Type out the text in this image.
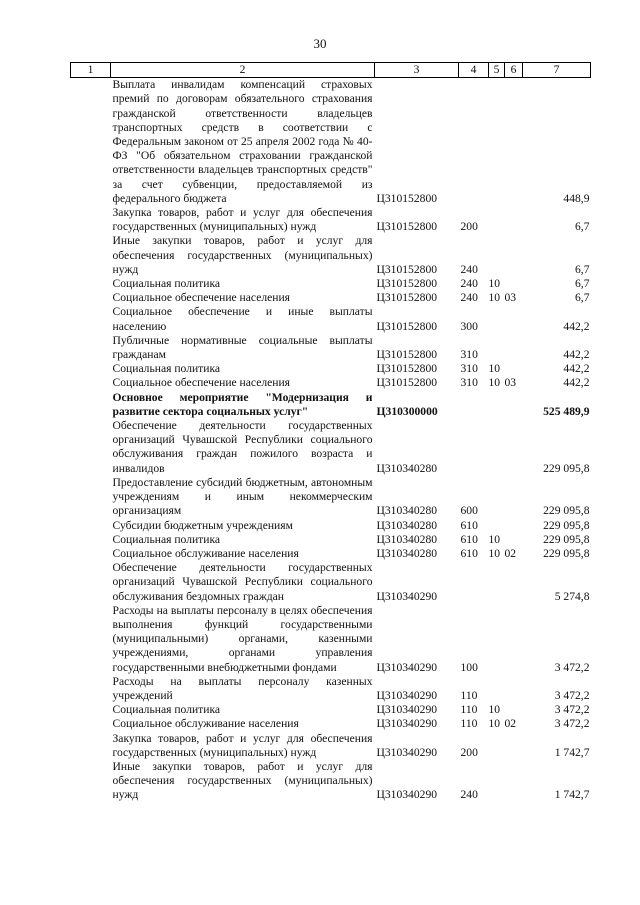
30
1	2	3	4	5	6	7
	Выплата инвалидам компенсаций страховых премий по договорам обязательного страхования гражданской ответственности владельцев транспортных средств в соответствии с Федеральным законом от 25 апреля 2002 года № 40-ФЗ "Об обязательном страховании гражданской ответственности владельцев транспортных средств" за счет субвенции, предоставляемой из федерального бюджета	Ц310152800				448,9
	Закупка товаров, работ и услуг для обеспечения государственных (муниципальных) нужд	Ц310152800	200			6,7
	Иные закупки товаров, работ и услуг для обеспечения государственных (муниципальных) нужд	Ц310152800	240			6,7
	Социальная политика	Ц310152800	240	10		6,7
	Социальное обеспечение населения	Ц310152800	240	10	03	6,7
	Социальное обеспечение и иные выплаты населению	Ц310152800	300			442,2
	Публичные нормативные социальные выплаты гражданам	Ц310152800	310			442,2
	Социальная политика	Ц310152800	310	10		442,2
	Социальное обеспечение населения	Ц310152800	310	10	03	442,2
	Основное мероприятие "Модернизация и развитие сектора социальных услуг"	Ц310300000				525 489,9
	Обеспечение деятельности государственных организаций Чувашской Республики социального обслуживания граждан пожилого возраста и инвалидов	Ц310340280				229 095,8
	Предоставление субсидий бюджетным, автономным учреждениям и иным некоммерческим организациям	Ц310340280	600			229 095,8
	Субсидии бюджетным учреждениям	Ц310340280	610			229 095,8
	Социальная политика	Ц310340280	610	10		229 095,8
	Социальное обслуживание населения	Ц310340280	610	10	02	229 095,8
	Обеспечение деятельности государственных организаций Чувашской Республики социального обслуживания бездомных граждан	Ц310340290				5 274,8
	Расходы на выплаты персоналу в целях обеспечения выполнения функций государственными (муниципальными) органами, казенными учреждениями, органами управления государственными внебюджетными фондами	Ц310340290	100			3 472,2
	Расходы на выплаты персоналу казенных учреждений	Ц310340290	110			3 472,2
	Социальная политика	Ц310340290	110	10		3 472,2
	Социальное обслуживание населения	Ц310340290	110	10	02	3 472,2
	Закупка товаров, работ и услуг для обеспечения государственных (муниципальных) нужд	Ц310340290	200			1 742,7
	Иные закупки товаров, работ и услуг для обеспечения государственных (муниципальных) нужд	Ц310340290	240			1 742,7
